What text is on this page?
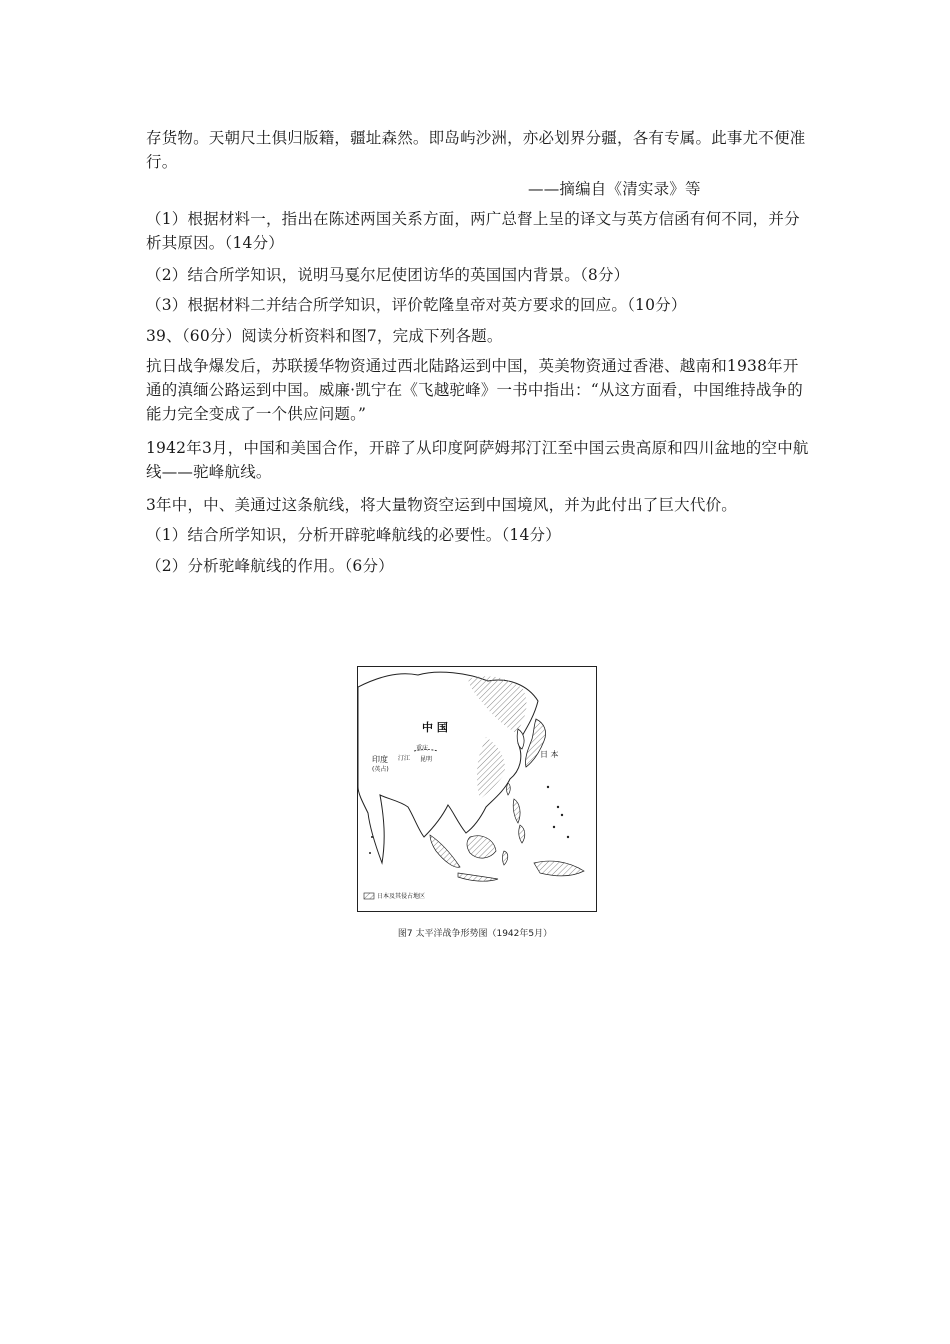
存货物。天朝尺土俱归版籍，疆址森然。即岛屿沙洲，亦必划界分疆，各有专属。此事尤不便准行。
——摘编自《清实录》等
（1）根据材料一，指出在陈述两国关系方面，两广总督上呈的译文与英方信函有何不同，并分析其原因。（14分）
（2）结合所学知识，说明马戛尔尼使团访华的英国国内背景。（8分）
（3）根据材料二并结合所学知识，评价乾隆皇帝对英方要求的回应。（10分）
39、（60分）阅读分析资料和图7，完成下列各题。
抗日战争爆发后，苏联援华物资通过西北陆路运到中国，英美物资通过香港、越南和1938年开通的滇缅公路运到中国。威廉·凯宁在《飞越驼峰》一书中指出：“从这方面看，中国维持战争的能力完全变成了一个供应问题。”
1942年3月，中国和美国合作，开辟了从印度阿萨姆邦汀江至中国云贵高原和四川盆地的空中航线——驼峰航线。
3年中，中、美通过这条航线，将大量物资空运到中国境风，并为此付出了巨大代价。
（1）结合所学知识，分析开辟驼峰航线的必要性。（14分）
（2）分析驼峰航线的作用。（6分）
中 国
日 本
重庆
昆明
印度
(英占)
汀江
日本及其侵占地区
图7 太平洋战争形势图（1942年5月）
